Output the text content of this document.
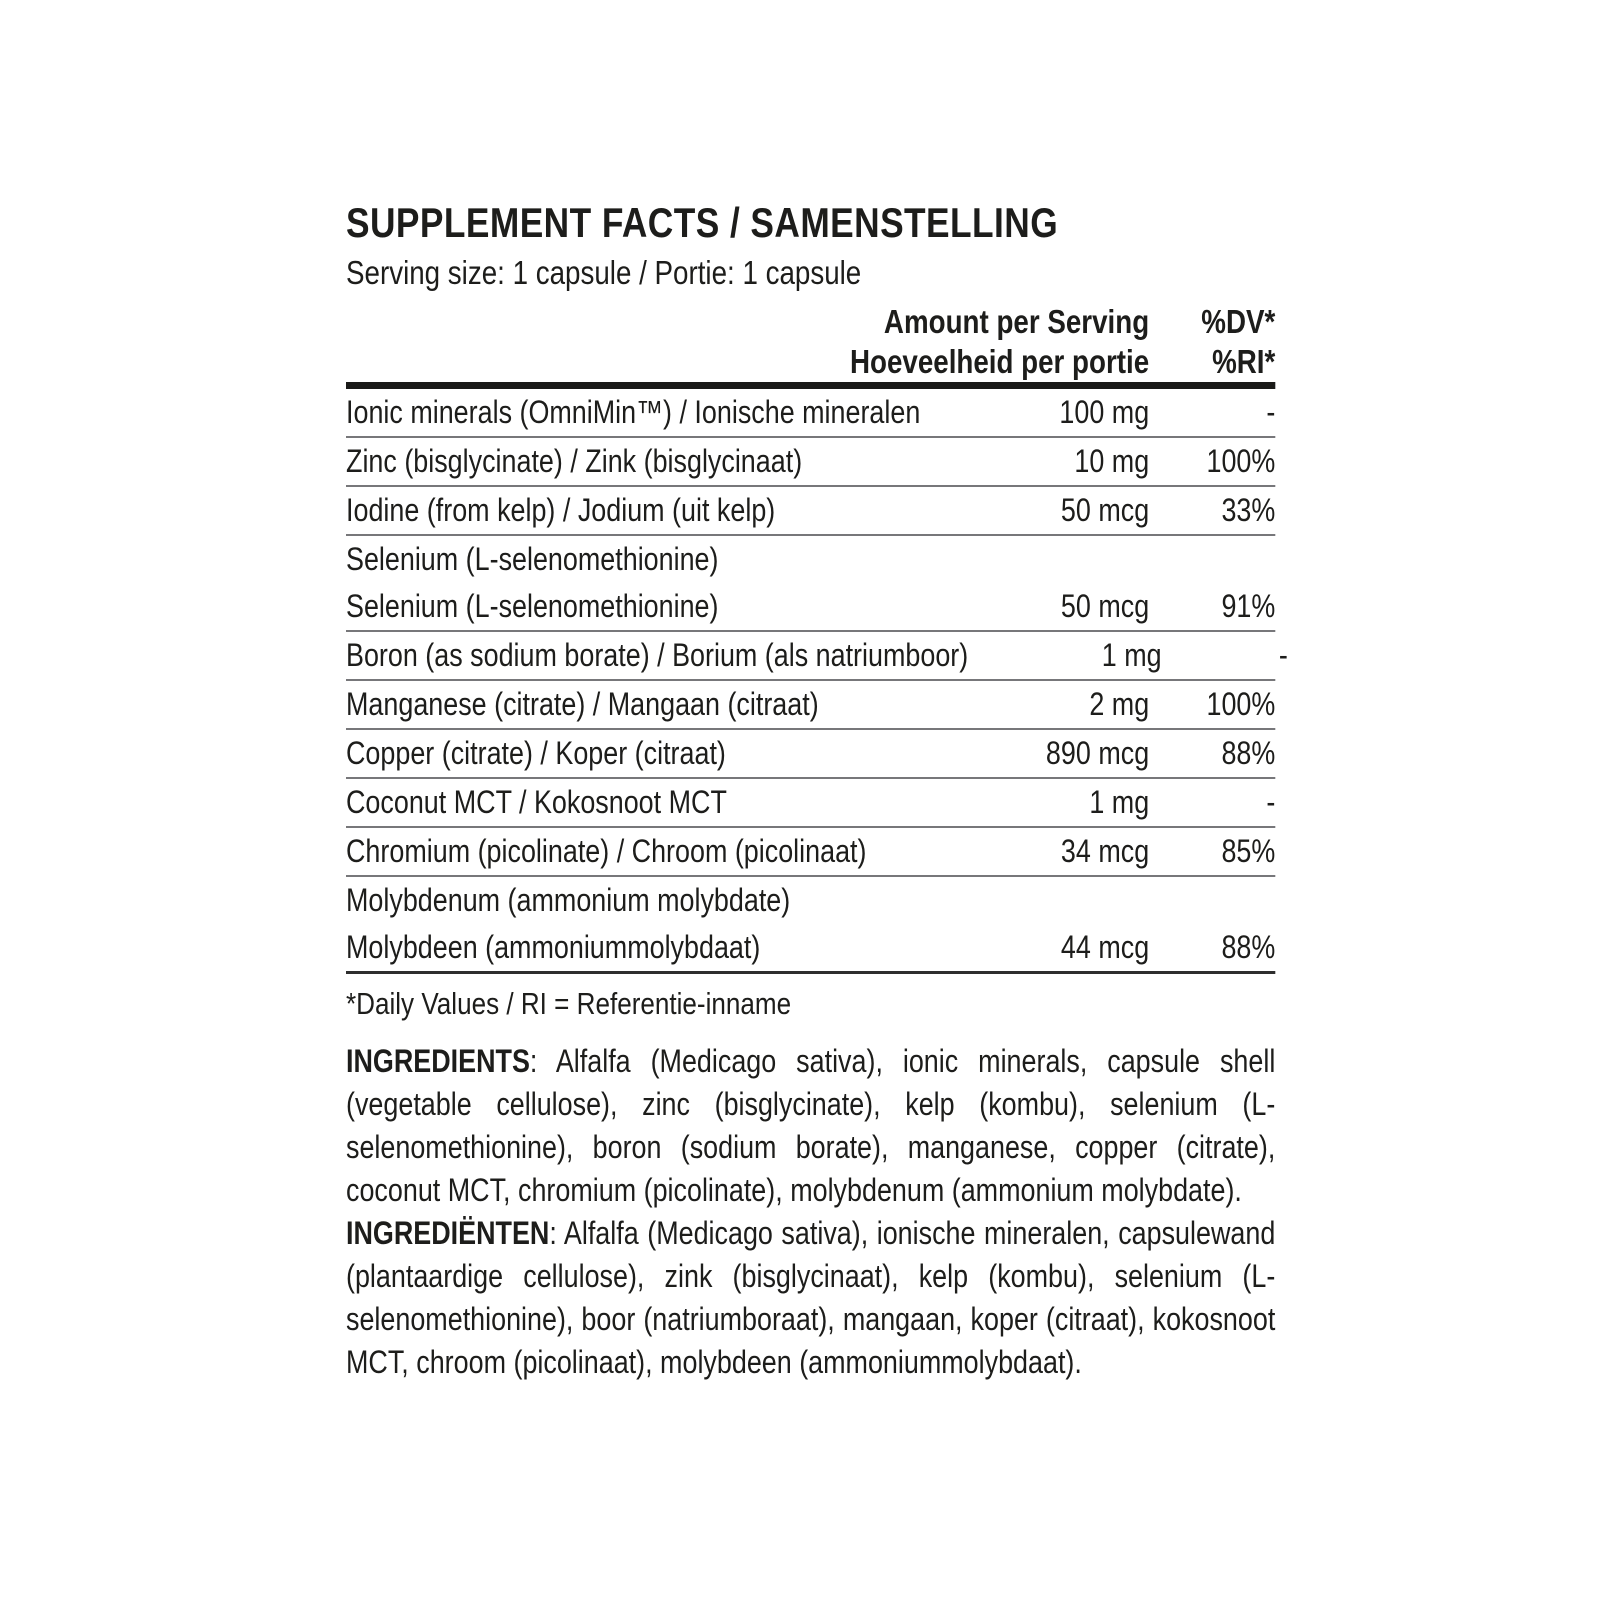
SUPPLEMENT FACTS / SAMENSTELLING
Serving size: 1 capsule / Portie: 1 capsule
Amount per Serving	%DV*
Hoeveelheid per portie	%RI*
Ionic minerals (OmniMin™) / Ionische mineralen	100 mg	-
Zinc (bisglycinate) / Zink (bisglycinaat)	10 mg	100%
Iodine (from kelp) / Jodium (uit kelp)	50 mcg	33%
Selenium (L-selenomethionine)
Selenium (L-selenomethionine)	50 mcg	91%
Boron (as sodium borate) / Borium (als natriumboor)	1 mg	-
Manganese (citrate) / Mangaan (citraat)	2 mg	100%
Copper (citrate) / Koper (citraat)	890 mcg	88%
Coconut MCT / Kokosnoot MCT	1 mg	-
Chromium (picolinate) / Chroom (picolinaat)	34 mcg	85%
Molybdenum (ammonium molybdate)
Molybdeen (ammoniummolybdaat)	44 mcg	88%
*Daily Values / RI = Referentie-inname

INGREDIENTS: Alfalfa (Medicago sativa), ionic minerals, capsule shell (vegetable cellulose), zinc (bisglycinate), kelp (kombu), selenium (L-selenomethionine), boron (sodium borate), manganese, copper (citrate), coconut MCT, chromium (picolinate), molybdenum (ammonium molybdate).

INGREDIËNTEN: Alfalfa (Medicago sativa), ionische mineralen, capsulewand (plantaardige cellulose), zink (bisglycinaat), kelp (kombu), selenium (L-selenomethionine), boor (natriumboraat), mangaan, koper (citraat), kokosnoot MCT, chroom (picolinaat), molybdeen (ammoniummolybdaat).
